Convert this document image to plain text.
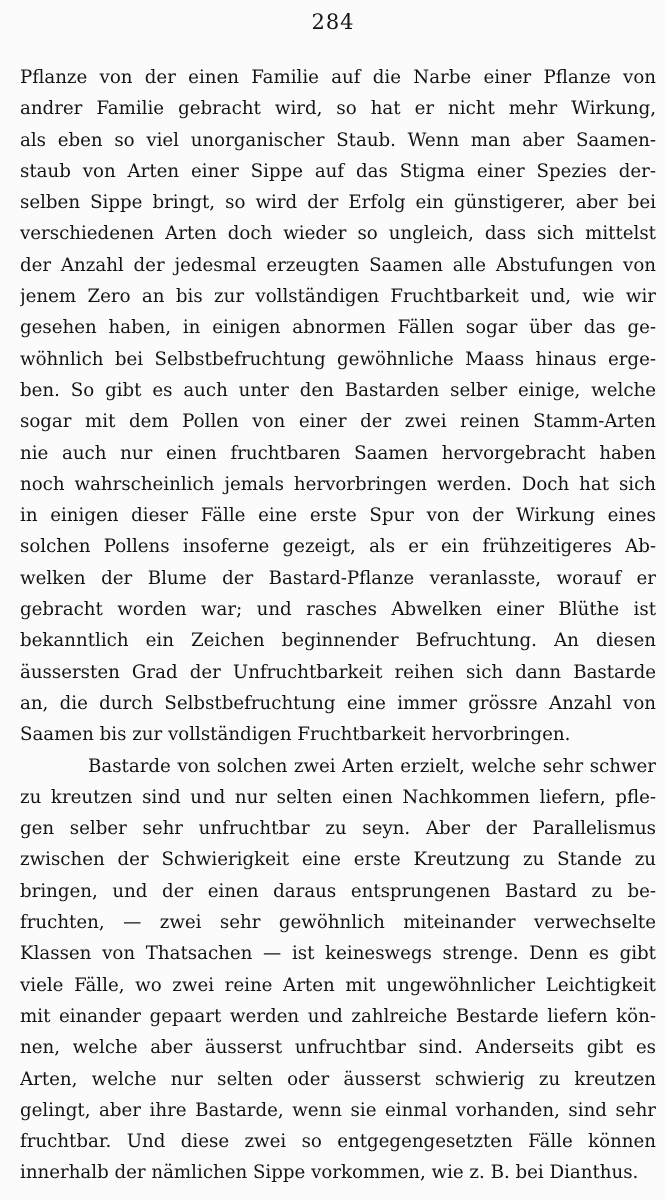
284
Pflanze von der einen Familie auf die Narbe einer Pflanze von
andrer Familie gebracht wird, so hat er nicht mehr Wirkung,
als eben so viel unorganischer Staub. Wenn man aber Saamen-
staub von Arten einer Sippe auf das Stigma einer Spezies der-
selben Sippe bringt, so wird der Erfolg ein günstigerer, aber bei
verschiedenen Arten doch wieder so ungleich, dass sich mittelst
der Anzahl der jedesmal erzeugten Saamen alle Abstufungen von
jenem Zero an bis zur vollständigen Fruchtbarkeit und, wie wir
gesehen haben, in einigen abnormen Fällen sogar über das ge-
wöhnlich bei Selbstbefruchtung gewöhnliche Maass hinaus erge-
ben. So gibt es auch unter den Bastarden selber einige, welche
sogar mit dem Pollen von einer der zwei reinen Stamm-Arten
nie auch nur einen fruchtbaren Saamen hervorgebracht haben
noch wahrscheinlich jemals hervorbringen werden. Doch hat sich
in einigen dieser Fälle eine erste Spur von der Wirkung eines
solchen Pollens insoferne gezeigt, als er ein frühzeitigeres Ab-
welken der Blume der Bastard-Pflanze veranlasste, worauf er
gebracht worden war; und rasches Abwelken einer Blüthe ist
bekanntlich ein Zeichen beginnender Befruchtung. An diesen
äussersten Grad der Unfruchtbarkeit reihen sich dann Bastarde
an, die durch Selbstbefruchtung eine immer grössre Anzahl von
Saamen bis zur vollständigen Fruchtbarkeit hervorbringen.
Bastarde von solchen zwei Arten erzielt, welche sehr schwer
zu kreutzen sind und nur selten einen Nachkommen liefern, pfle-
gen selber sehr unfruchtbar zu seyn. Aber der Parallelismus
zwischen der Schwierigkeit eine erste Kreutzung zu Stande zu
bringen, und der einen daraus entsprungenen Bastard zu be-
fruchten, — zwei sehr gewöhnlich miteinander verwechselte
Klassen von Thatsachen — ist keineswegs strenge. Denn es gibt
viele Fälle, wo zwei reine Arten mit ungewöhnlicher Leichtigkeit
mit einander gepaart werden und zahlreiche Bestarde liefern kön-
nen, welche aber äusserst unfruchtbar sind. Anderseits gibt es
Arten, welche nur selten oder äusserst schwierig zu kreutzen
gelingt, aber ihre Bastarde, wenn sie einmal vorhanden, sind sehr
fruchtbar. Und diese zwei so entgegengesetzten Fälle können
innerhalb der nämlichen Sippe vorkommen, wie z. B. bei Dianthus.
